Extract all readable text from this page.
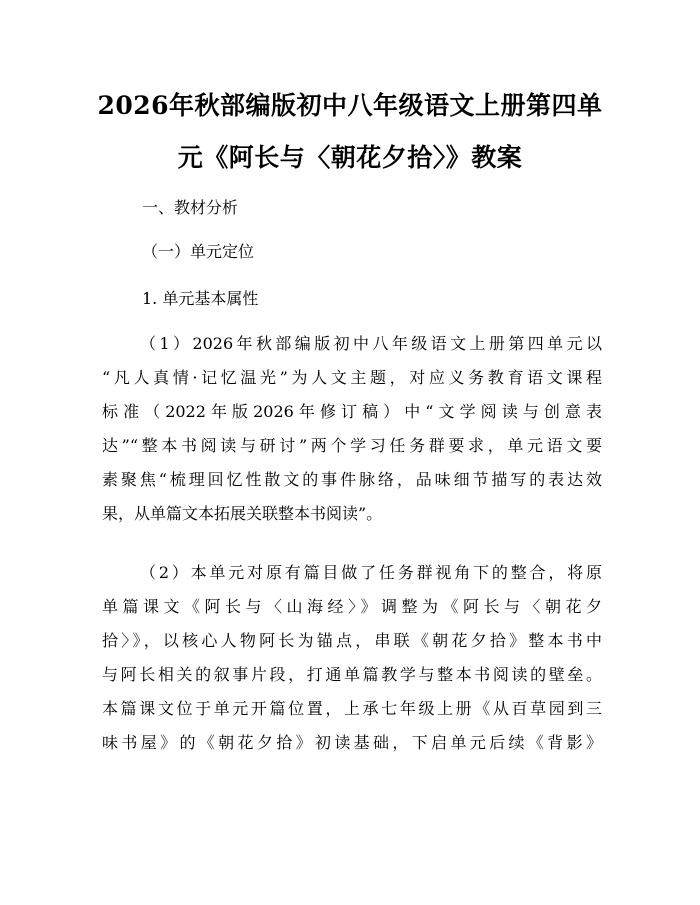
2026年秋部编版初中八年级语文上册第四单
元《阿长与〈朝花夕拾〉》教案
一、教材分析
（一）单元定位
1. 单元基本属性
（1）2026年秋部编版初中八年级语文上册第四单元以
“凡人真情·记忆温光”为人文主题，对应义务教育语文课程
标准（2022年版2026年修订稿）中“文学阅读与创意表
达”“整本书阅读与研讨”两个学习任务群要求，单元语文要
素聚焦“梳理回忆性散文的事件脉络，品味细节描写的表达效
果，从单篇文本拓展关联整本书阅读”。
（2）本单元对原有篇目做了任务群视角下的整合，将原
单篇课文《阿长与〈山海经〉》调整为《阿长与〈朝花夕
拾〉》，以核心人物阿长为锚点，串联《朝花夕拾》整本书中
与阿长相关的叙事片段，打通单篇教学与整本书阅读的壁垒。
本篇课文位于单元开篇位置，上承七年级上册《从百草园到三
味书屋》的《朝花夕拾》初读基础，下启单元后续《背影》
